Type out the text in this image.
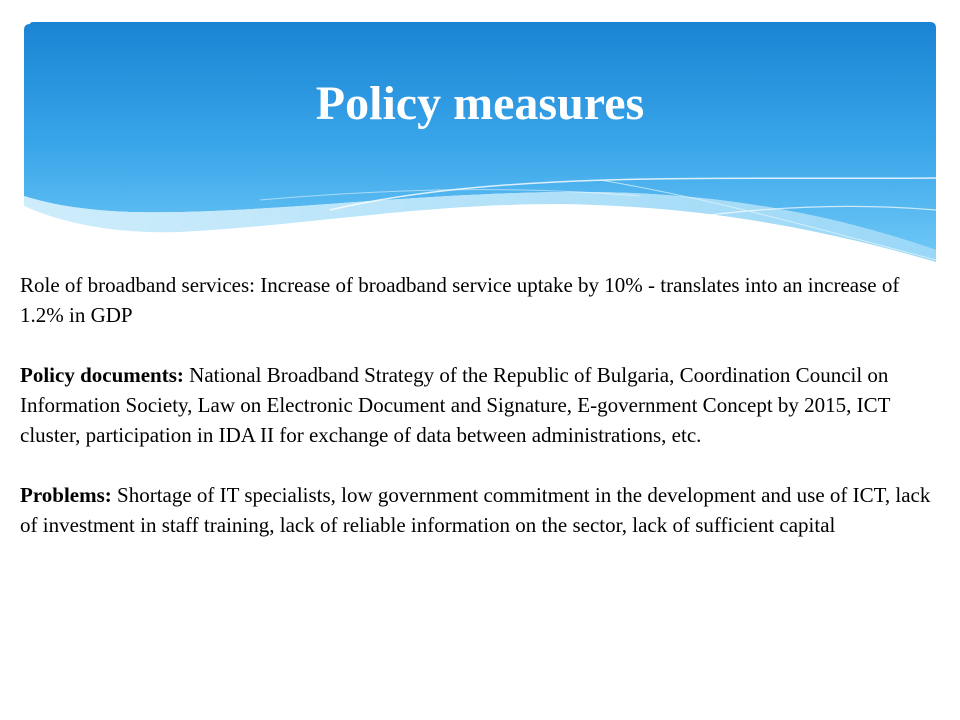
Policy measures

Role of broadband services: Increase of broadband service uptake by 10% - translates into an increase of 1.2% in GDP

Policy documents: National Broadband Strategy of the Republic of Bulgaria, Coordination Council on Information Society, Law on Electronic Document and Signature, E-government Concept by 2015, ICT cluster, participation in IDA II for exchange of data between administrations, etc.

Problems: Shortage of IT specialists, low government commitment in the development and use of ICT, lack of investment in staff training, lack of reliable information on the sector, lack of sufficient capital
